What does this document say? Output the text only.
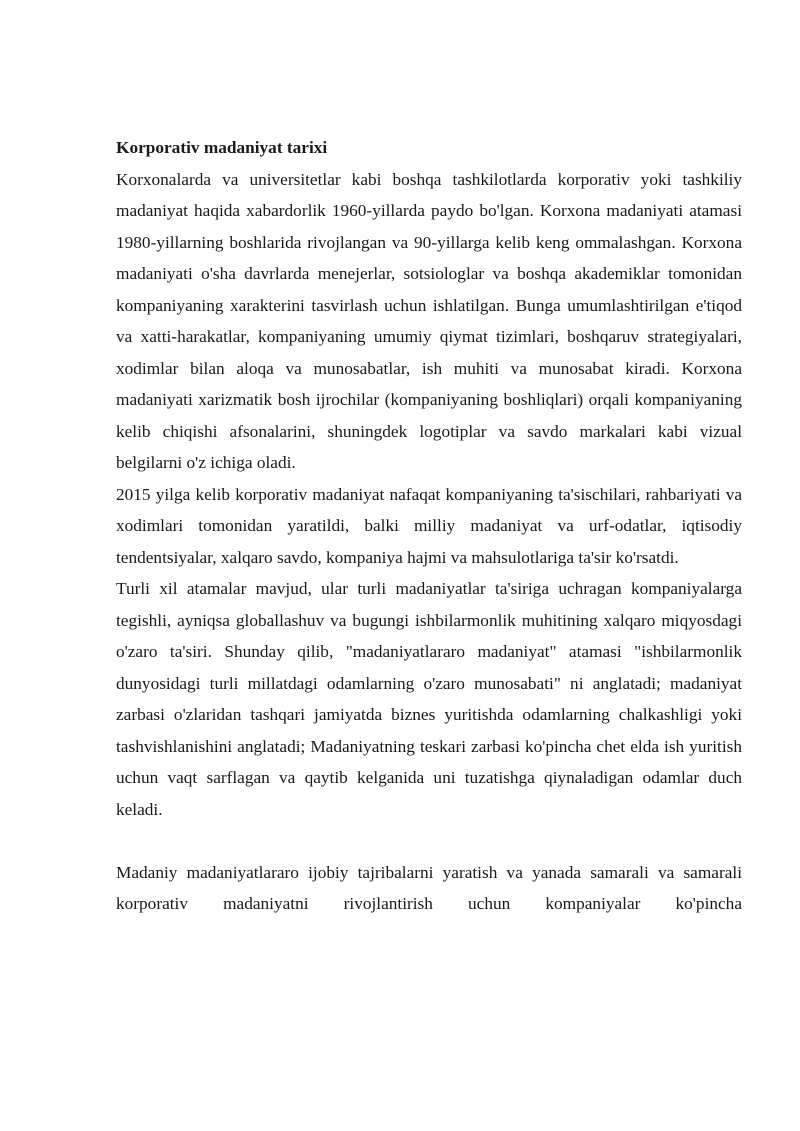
Korporativ madaniyat tarixi

Korxonalarda va universitetlar kabi boshqa tashkilotlarda korporativ yoki tashkiliy madaniyat haqida xabardorlik 1960-yillarda paydo bo'lgan. Korxona madaniyati atamasi 1980-yillarning boshlarida rivojlangan va 90-yillarga kelib keng ommalashgan. Korxona madaniyati o'sha davrlarda menejerlar, sotsiologlar va boshqa akademiklar tomonidan kompaniyaning xarakterini tasvirlash uchun ishlatilgan. Bunga umumlashtirilgan e'tiqod va xatti-harakatlar, kompaniyaning umumiy qiymat tizimlari, boshqaruv strategiyalari, xodimlar bilan aloqa va munosabatlar, ish muhiti va munosabat kiradi. Korxona madaniyati xarizmatik bosh ijrochilar (kompaniyaning boshliqlari) orqali kompaniyaning kelib chiqishi afsonalarini, shuningdek logotiplar va savdo markalari kabi vizual belgilarni o'z ichiga oladi.

2015 yilga kelib korporativ madaniyat nafaqat kompaniyaning ta'sischilari, rahbariyati va xodimlari tomonidan yaratildi, balki milliy madaniyat va urf-odatlar, iqtisodiy tendentsiyalar, xalqaro savdo, kompaniya hajmi va mahsulotlariga ta'sir ko'rsatdi.

Turli xil atamalar mavjud, ular turli madaniyatlar ta'siriga uchragan kompaniyalarga tegishli, ayniqsa globallashuv va bugungi ishbilarmonlik muhitining xalqaro miqyosdagi o'zaro ta'siri. Shunday qilib, "madaniyatlararo madaniyat" atamasi "ishbilarmonlik dunyosidagi turli millatdagi odamlarning o'zaro munosabati" ni anglatadi; madaniyat zarbasi o'zlaridan tashqari jamiyatda biznes yuritishda odamlarning chalkashligi yoki tashvishlanishini anglatadi; Madaniyatning teskari zarbasi ko'pincha chet elda ish yuritish uchun vaqt sarflagan va qaytib kelganida uni tuzatishga qiynaladigan odamlar duch keladi.

Madaniy madaniyatlararo ijobiy tajribalarni yaratish va yanada samarali va samarali korporativ madaniyatni rivojlantirish uchun kompaniyalar ko'pincha
